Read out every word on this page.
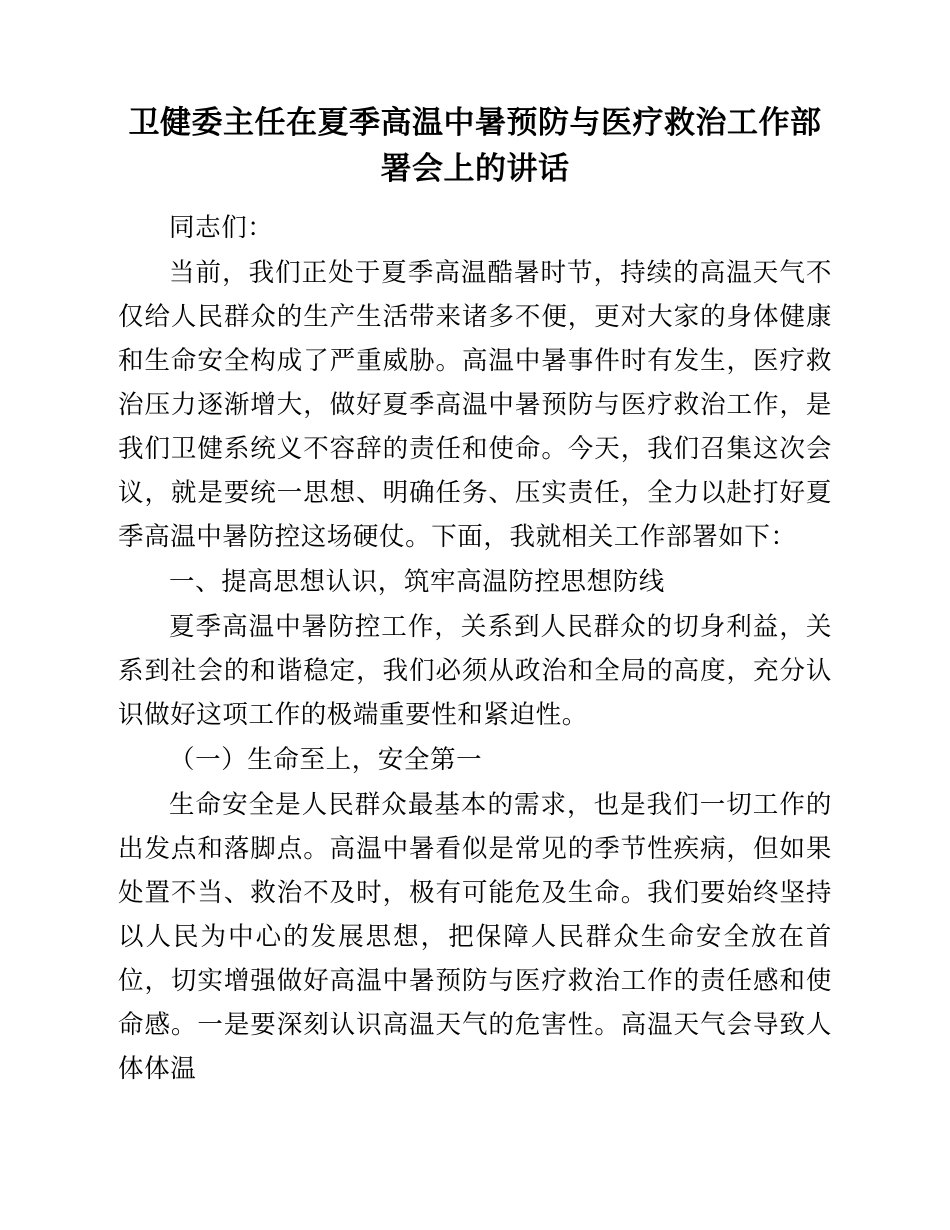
卫健委主任在夏季高温中暑预防与医疗救治工作部署会上的讲话

同志们：

当前，我们正处于夏季高温酷暑时节，持续的高温天气不仅给人民群众的生产生活带来诸多不便，更对大家的身体健康和生命安全构成了严重威胁。高温中暑事件时有发生，医疗救治压力逐渐增大，做好夏季高温中暑预防与医疗救治工作，是我们卫健系统义不容辞的责任和使命。今天，我们召集这次会议，就是要统一思想、明确任务、压实责任，全力以赴打好夏季高温中暑防控这场硬仗。下面，我就相关工作部署如下：

一、提高思想认识，筑牢高温防控思想防线

夏季高温中暑防控工作，关系到人民群众的切身利益，关系到社会的和谐稳定，我们必须从政治和全局的高度，充分认识做好这项工作的极端重要性和紧迫性。

（一）生命至上，安全第一

生命安全是人民群众最基本的需求，也是我们一切工作的出发点和落脚点。高温中暑看似是常见的季节性疾病，但如果处置不当、救治不及时，极有可能危及生命。我们要始终坚持以人民为中心的发展思想，把保障人民群众生命安全放在首位，切实增强做好高温中暑预防与医疗救治工作的责任感和使命感。一是要深刻认识高温天气的危害性。高温天气会导致人体体温
